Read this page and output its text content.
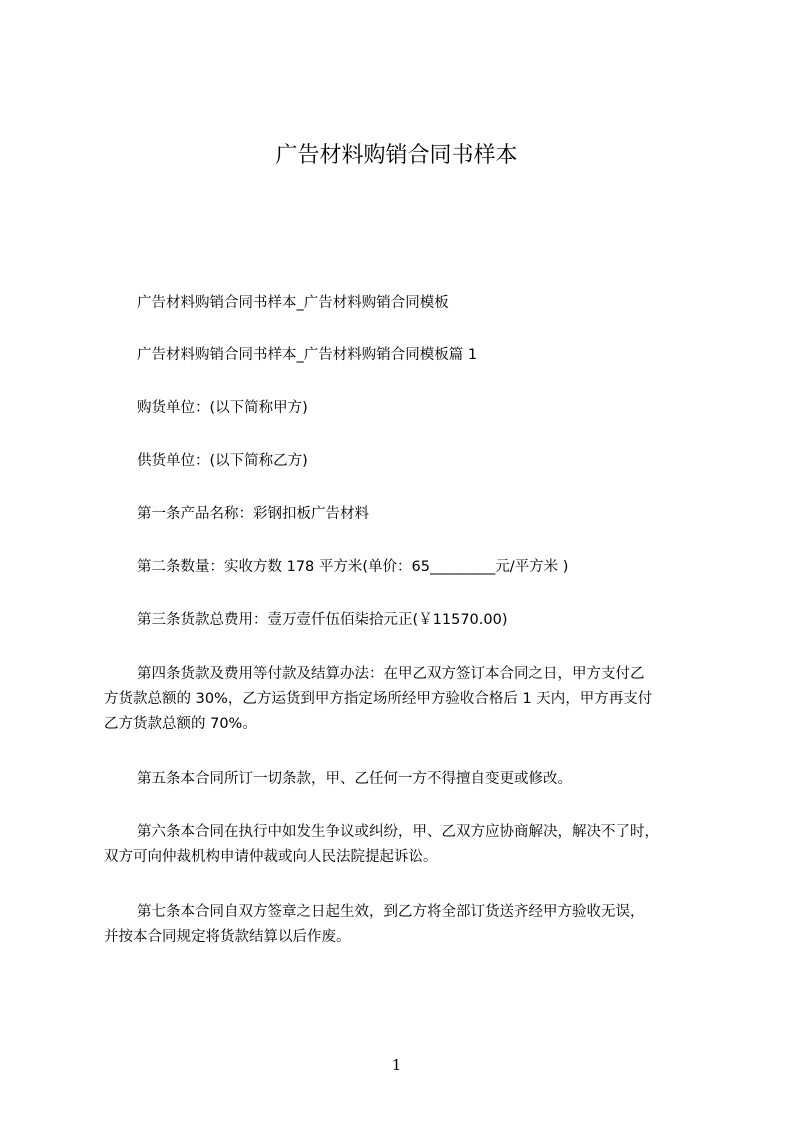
广告材料购销合同书样本
广告材料购销合同书样本_广告材料购销合同模板
广告材料购销合同书样本_广告材料购销合同模板篇 1
购货单位：(以下简称甲方)
供货单位：(以下简称乙方)
第一条产品名称：彩钢扣板广告材料
第二条数量：实收方数 178 平方米(单价：65_________元/平方米 )
第三条货款总费用：壹万壹仟伍佰柒拾元正(￥11570.00)
第四条货款及费用等付款及结算办法：在甲乙双方签订本合同之日，甲方支付乙
方货款总额的 30%，乙方运货到甲方指定场所经甲方验收合格后 1 天内，甲方再支付
乙方货款总额的 70%。
第五条本合同所订一切条款，甲、乙任何一方不得擅自变更或修改。
第六条本合同在执行中如发生争议或纠纷，甲、乙双方应协商解决，解决不了时，
双方可向仲裁机构申请仲裁或向人民法院提起诉讼。
第七条本合同自双方签章之日起生效，到乙方将全部订货送齐经甲方验收无误，
并按本合同规定将货款结算以后作废。
1
